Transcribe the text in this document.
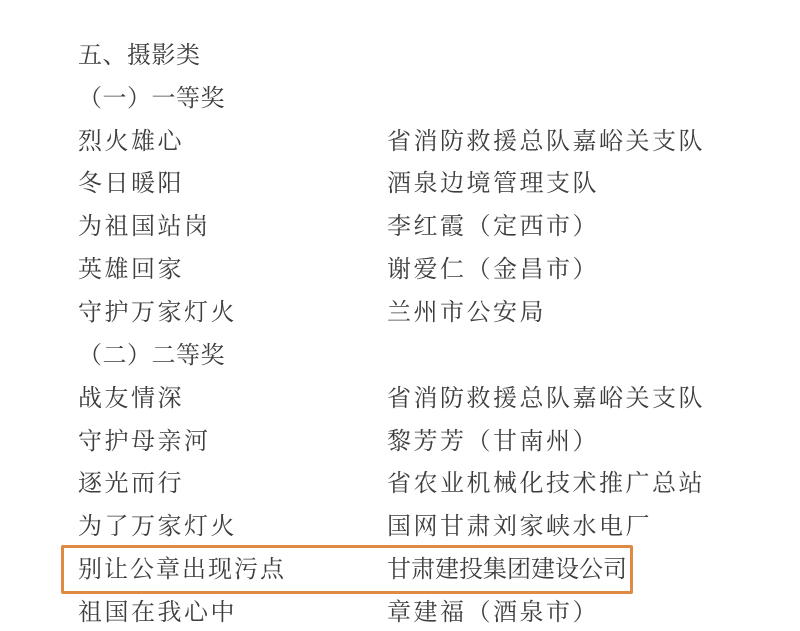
五、摄影类
（一）一等奖
烈火雄心	省消防救援总队嘉峪关支队
冬日暖阳	酒泉边境管理支队
为祖国站岗	李红霞（定西市）
英雄回家	谢爱仁（金昌市）
守护万家灯火	兰州市公安局
（二）二等奖
战友情深	省消防救援总队嘉峪关支队
守护母亲河	黎芳芳（甘南州）
逐光而行	省农业机械化技术推广总站
为了万家灯火	国网甘肃刘家峡水电厂
别让公章出现污点	甘肃建投集团建设公司
祖国在我心中	章建福（酒泉市）
